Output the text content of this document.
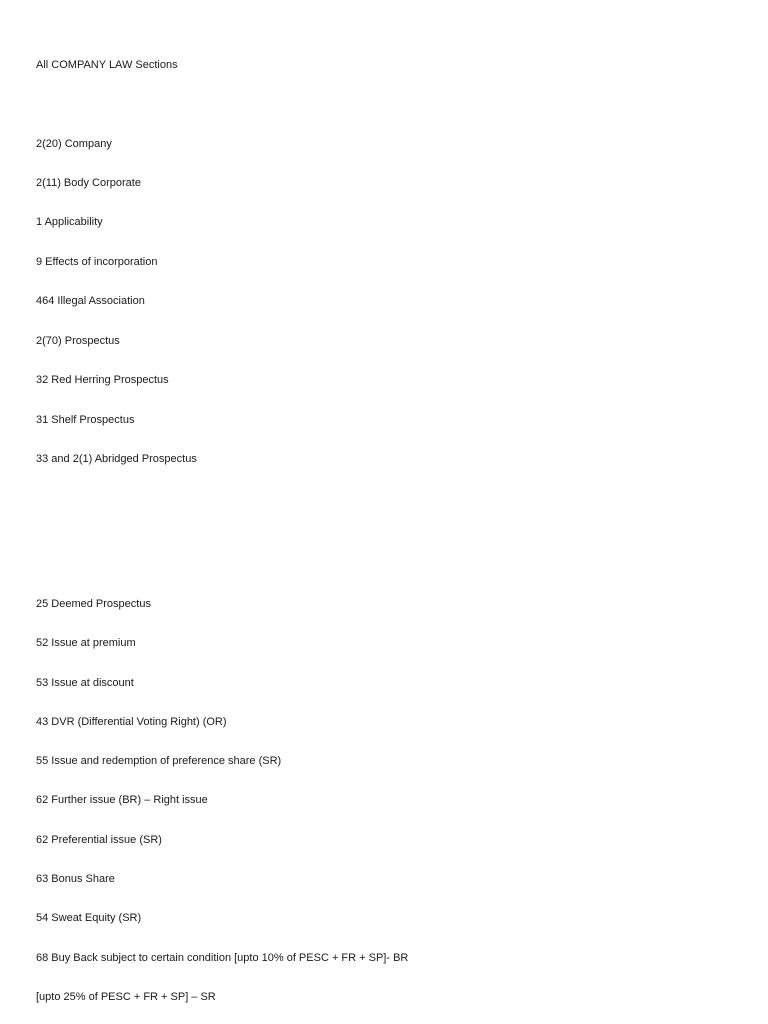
All COMPANY LAW Sections
2(20) Company
2(11) Body Corporate
1 Applicability
9 Effects of incorporation
464 Illegal Association
2(70) Prospectus
32 Red Herring Prospectus
31 Shelf Prospectus
33 and 2(1) Abridged Prospectus
25 Deemed Prospectus
52 Issue at premium
53 Issue at discount
43 DVR (Differential Voting Right) (OR)
55 Issue and redemption of preference share (SR)
62 Further issue (BR) – Right issue
62 Preferential issue (SR)
63 Bonus Share
54 Sweat Equity (SR)
68 Buy Back subject to certain condition [upto 10% of PESC + FR + SP]- BR
[upto 25% of PESC + FR + SP] – SR
